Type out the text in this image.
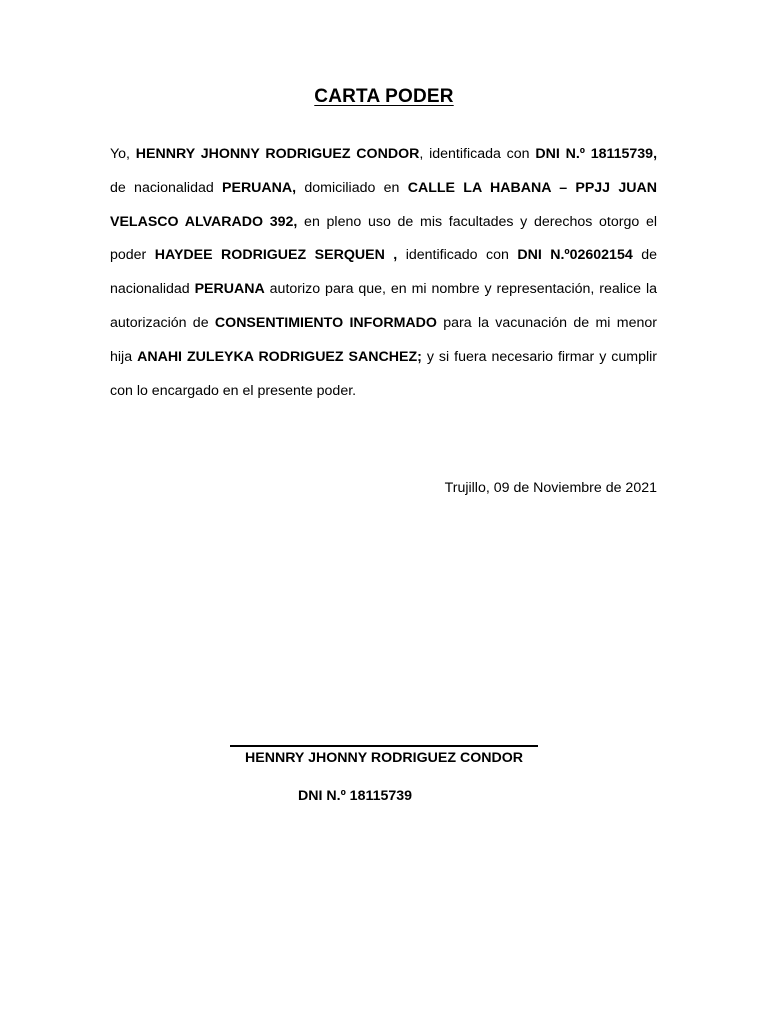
CARTA PODER
Yo, HENNRY JHONNY RODRIGUEZ CONDOR, identificada con DNI N.º 18115739, de nacionalidad PERUANA, domiciliado en CALLE LA HABANA – PPJJ JUAN VELASCO ALVARADO 392, en pleno uso de mis facultades y derechos otorgo el poder HAYDEE RODRIGUEZ SERQUEN , identificado con DNI N.º02602154 de nacionalidad PERUANA autorizo para que, en mi nombre y representación, realice la autorización de CONSENTIMIENTO INFORMADO para la vacunación de mi menor hija ANAHI ZULEYKA RODRIGUEZ SANCHEZ; y si fuera necesario firmar y cumplir con lo encargado en el presente poder.
Trujillo, 09 de Noviembre de 2021
HENNRY JHONNY RODRIGUEZ CONDOR
DNI N.º 18115739
